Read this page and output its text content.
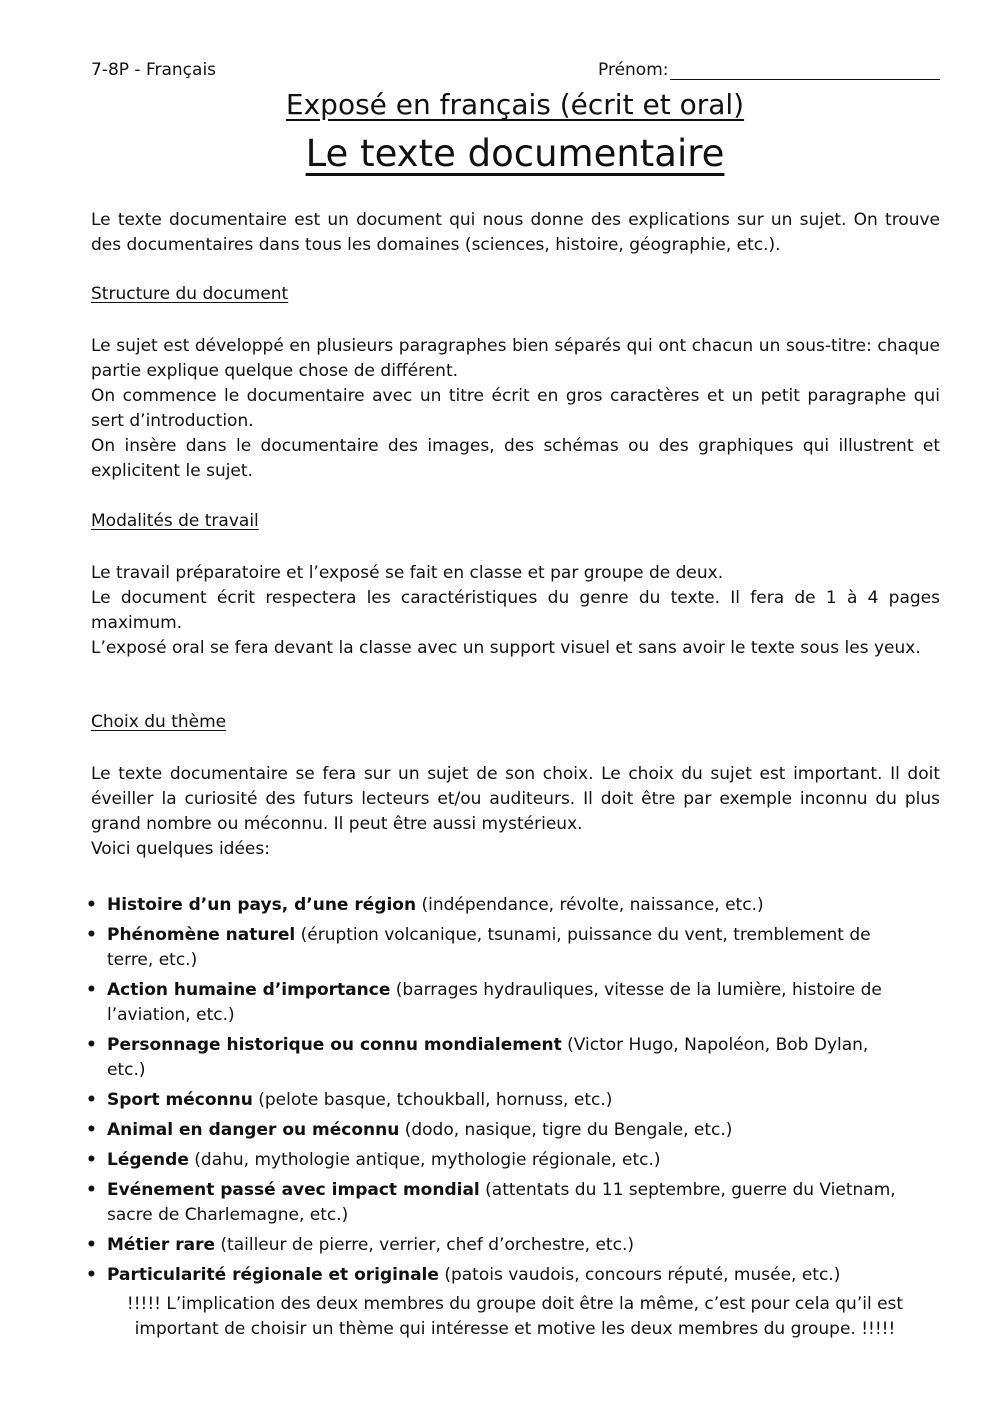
7-8P - Français	Prénom:
Exposé en français (écrit et oral)
Le texte documentaire

Le texte documentaire est un document qui nous donne des explications sur un sujet. On trouve des documentaires dans tous les domaines (sciences, histoire, géographie, etc.).

Structure du document

Le sujet est développé en plusieurs paragraphes bien séparés qui ont chacun un sous-titre: chaque partie explique quelque chose de différent.

On commence le documentaire avec un titre écrit en gros caractères et un petit paragraphe qui sert d’introduction.

On insère dans le documentaire des images, des schémas ou des graphiques qui illustrent et explicitent le sujet.

Modalités de travail

Le travail préparatoire et l’exposé se fait en classe et par groupe de deux.

Le document écrit respectera les caractéristiques du genre du texte. Il fera de 1 à 4 pages maximum.

L’exposé oral se fera devant la classe avec un support visuel et sans avoir le texte sous les yeux.

Choix du thème

Le texte documentaire se fera sur un sujet de son choix. Le choix du sujet est important. Il doit éveiller la curiosité des futurs lecteurs et/ou auditeurs. Il doit être par exemple inconnu du plus grand nombre ou méconnu. Il peut être aussi mystérieux.

Voici quelques idées:

• Histoire d’un pays, d’une région (indépendance, révolte, naissance, etc.)
• Phénomène naturel (éruption volcanique, tsunami, puissance du vent, tremblement de terre, etc.)
• Action humaine d’importance (barrages hydrauliques, vitesse de la lumière, histoire de l’aviation, etc.)
• Personnage historique ou connu mondialement (Victor Hugo, Napoléon, Bob Dylan, etc.)
• Sport méconnu (pelote basque, tchoukball, hornuss, etc.)
• Animal en danger ou méconnu (dodo, nasique, tigre du Bengale, etc.)
• Légende (dahu, mythologie antique, mythologie régionale, etc.)
• Evénement passé avec impact mondial (attentats du 11 septembre, guerre du Vietnam, sacre de Charlemagne, etc.)
• Métier rare (tailleur de pierre, verrier, chef d’orchestre, etc.)
• Particularité régionale et originale (patois vaudois, concours réputé, musée, etc.)
!!!!! L’implication des deux membres du groupe doit être la même, c’est pour cela qu’il est important de choisir un thème qui intéresse et motive les deux membres du groupe. !!!!!
